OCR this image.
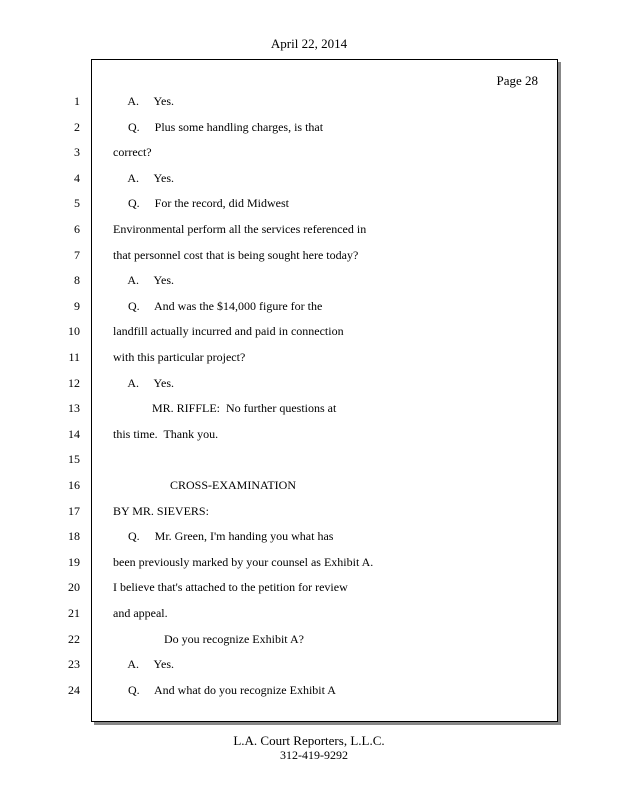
April 22, 2014
Page 28
1	A.     Yes.
2	Q.     Plus some handling charges, is that
3	correct?
4	A.     Yes.
5	Q.     For the record, did Midwest
6	Environmental perform all the services referenced in
7	that personnel cost that is being sought here today?
8	A.     Yes.
9	Q.     And was the $14,000 figure for the
10	landfill actually incurred and paid in connection
11	with this particular project?
12	A.     Yes.
13	MR. RIFFLE:  No further questions at
14	this time.  Thank you.
15
16	CROSS-EXAMINATION
17	BY MR. SIEVERS:
18	Q.     Mr. Green, I'm handing you what has
19	been previously marked by your counsel as Exhibit A.
20	I believe that's attached to the petition for review
21	and appeal.
22	Do you recognize Exhibit A?
23	A.     Yes.
24	Q.     And what do you recognize Exhibit A
L.A. Court Reporters, L.L.C.
312-419-9292
